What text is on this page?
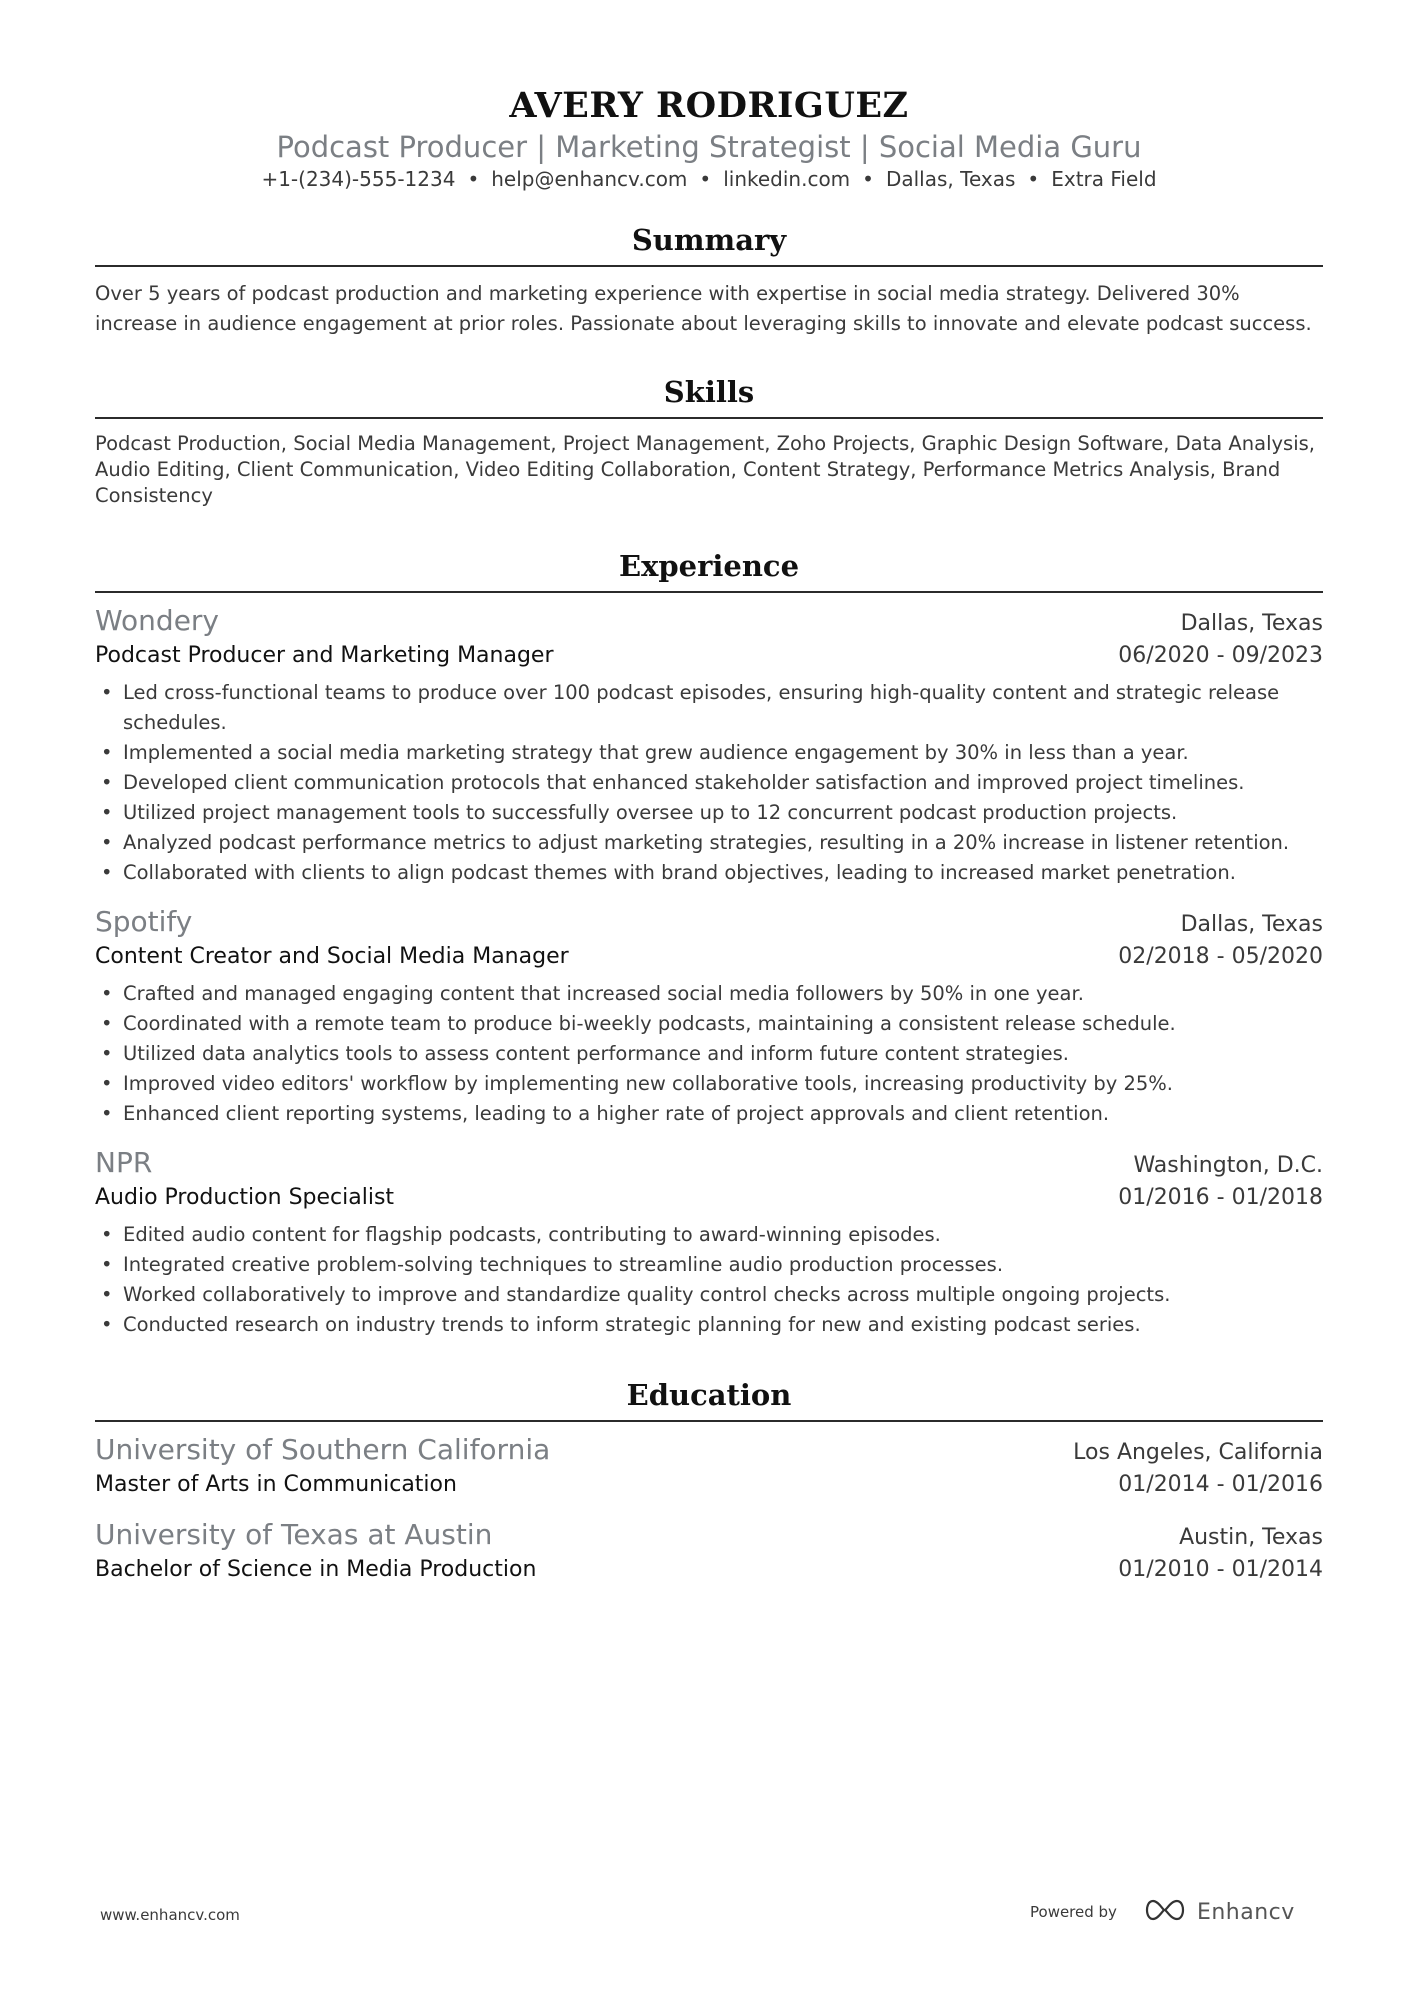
AVERY RODRIGUEZ
Podcast Producer | Marketing Strategist | Social Media Guru
+1-(234)-555-1234 • help@enhancv.com • linkedin.com • Dallas, Texas • Extra Field
Summary
Over 5 years of podcast production and marketing experience with expertise in social media strategy. Delivered 30% increase in audience engagement at prior roles. Passionate about leveraging skills to innovate and elevate podcast success.
Skills
Podcast Production, Social Media Management, Project Management, Zoho Projects, Graphic Design Software, Data Analysis, Audio Editing, Client Communication, Video Editing Collaboration, Content Strategy, Performance Metrics Analysis, Brand Consistency
Experience
Wondery	Dallas, Texas
Podcast Producer and Marketing Manager	06/2020 - 09/2023
• Led cross-functional teams to produce over 100 podcast episodes, ensuring high-quality content and strategic release schedules.
• Implemented a social media marketing strategy that grew audience engagement by 30% in less than a year.
• Developed client communication protocols that enhanced stakeholder satisfaction and improved project timelines.
• Utilized project management tools to successfully oversee up to 12 concurrent podcast production projects.
• Analyzed podcast performance metrics to adjust marketing strategies, resulting in a 20% increase in listener retention.
• Collaborated with clients to align podcast themes with brand objectives, leading to increased market penetration.
Spotify	Dallas, Texas
Content Creator and Social Media Manager	02/2018 - 05/2020
• Crafted and managed engaging content that increased social media followers by 50% in one year.
• Coordinated with a remote team to produce bi-weekly podcasts, maintaining a consistent release schedule.
• Utilized data analytics tools to assess content performance and inform future content strategies.
• Improved video editors' workflow by implementing new collaborative tools, increasing productivity by 25%.
• Enhanced client reporting systems, leading to a higher rate of project approvals and client retention.
NPR	Washington, D.C.
Audio Production Specialist	01/2016 - 01/2018
• Edited audio content for flagship podcasts, contributing to award-winning episodes.
• Integrated creative problem-solving techniques to streamline audio production processes.
• Worked collaboratively to improve and standardize quality control checks across multiple ongoing projects.
• Conducted research on industry trends to inform strategic planning for new and existing podcast series.
Education
University of Southern California	Los Angeles, California
Master of Arts in Communication	01/2014 - 01/2016
University of Texas at Austin	Austin, Texas
Bachelor of Science in Media Production	01/2010 - 01/2014
www.enhancv.com	Powered by	Enhancv
